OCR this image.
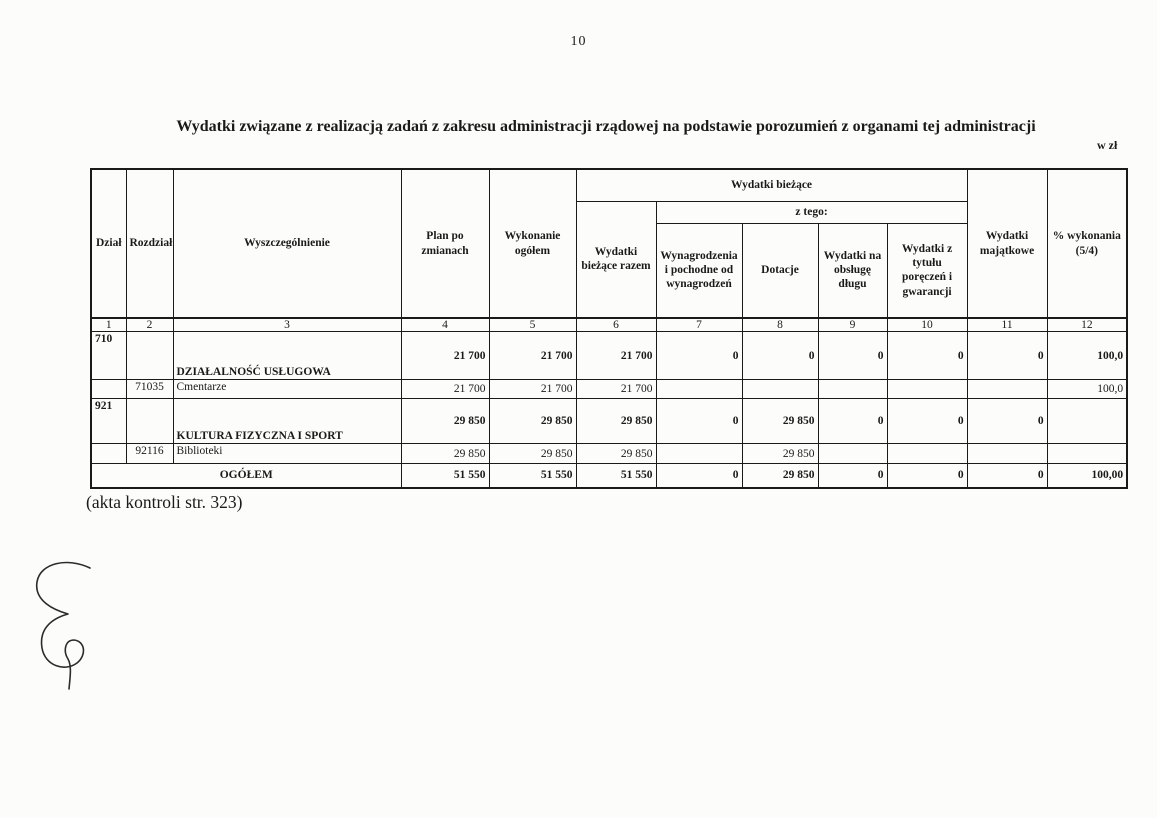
10
Wydatki związane z realizacją zadań z zakresu administracji rządowej na podstawie porozumień z organami tej administracji
w zł
Dział	Rozdział	Wyszczególnienie	Plan po zmianach	Wykonanie ogółem	Wydatki bieżące					Wydatki majątkowe	% wykonania (5/4)
					Wydatki bieżące razem	z tego:					
						Wynagrodzenia i pochodne od wynagrodzeń	Dotacje	Wydatki na obsługę długu	Wydatki z tytułu poręczeń i gwarancji		
1	2	3	4	5	6	7	8	9	10	11	12
710		DZIAŁALNOŚĆ USŁUGOWA	21 700	21 700	21 700	0	0	0	0	0	100,0
	71035	Cmentarze	21 700	21 700	21 700						100,0
921		KULTURA FIZYCZNA I SPORT	29 850	29 850	29 850	0	29 850	0	0	0	
	92116	Biblioteki	29 850	29 850	29 850		29 850				
OGÓŁEM			51 550	51 550	51 550	0	29 850	0	0	0	100,00
(akta kontroli str. 323)
